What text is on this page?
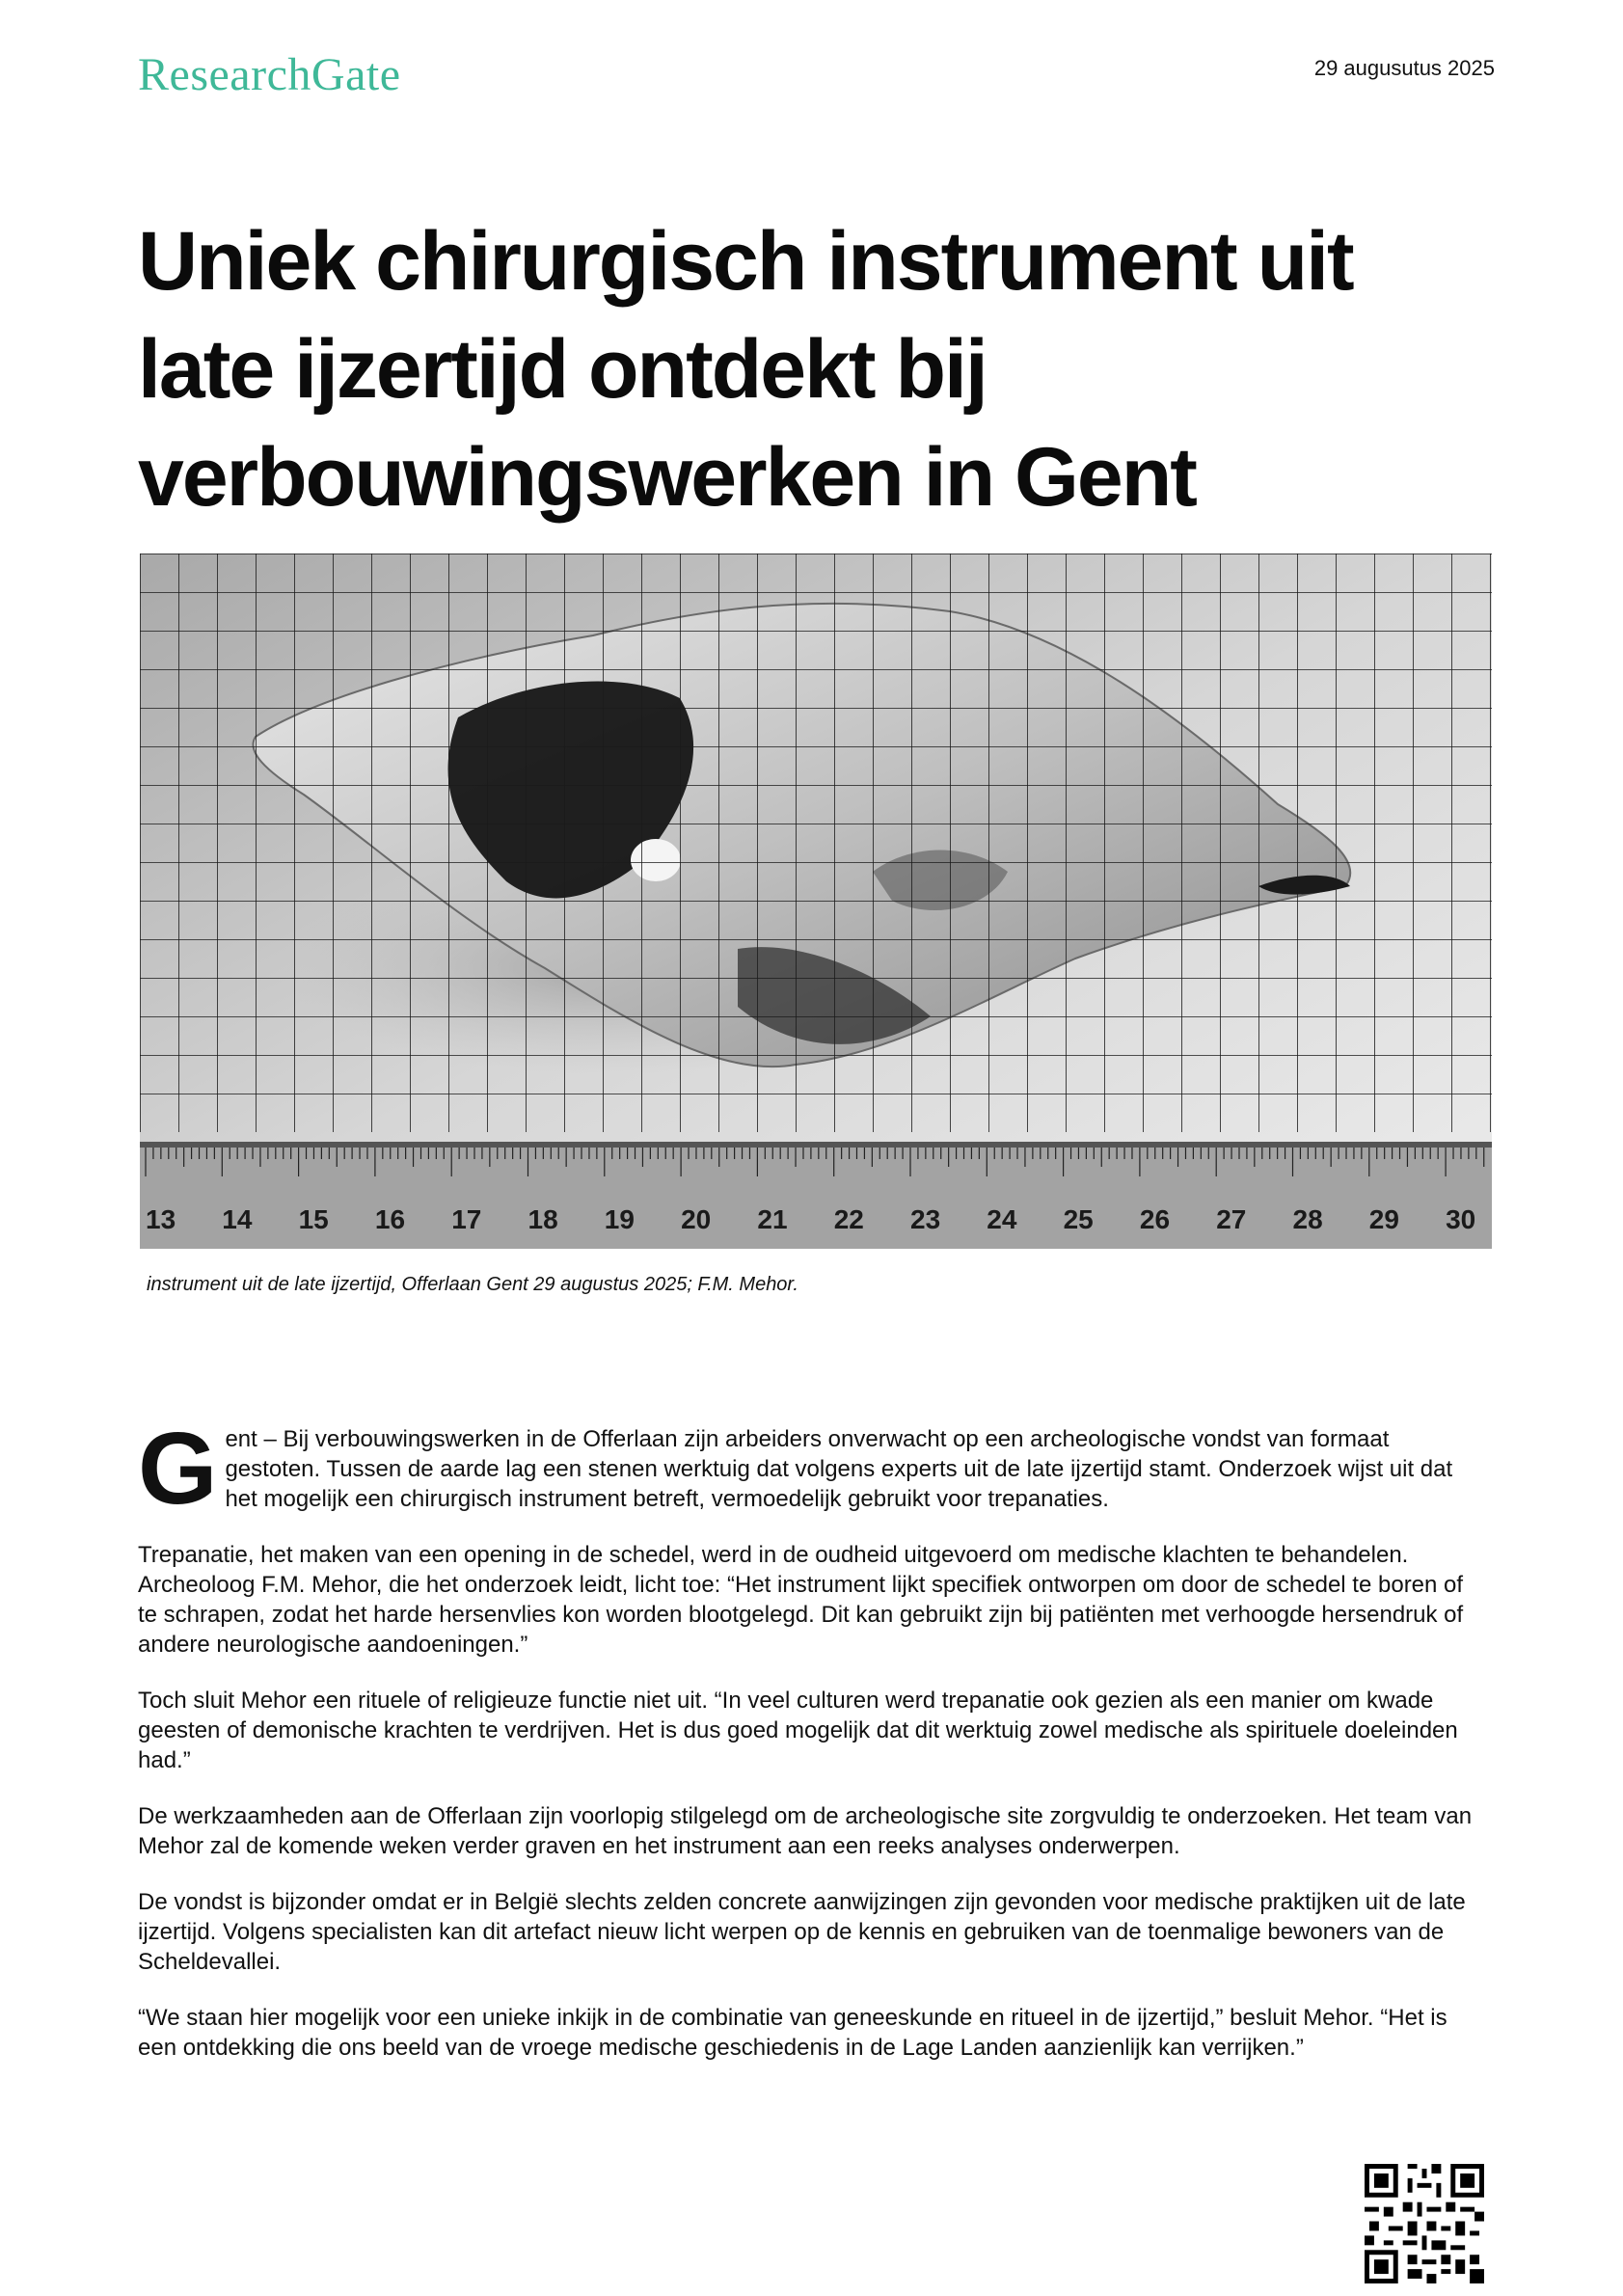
ResearchGate	29 augusutus 2025
Uniek chirurgisch instrument uit late ijzertijd ontdekt bij verbouwingswerken in Gent
13 14 15 16 17 18 19 20 21 22 23 24 25 26 27 28 29 30
instrument uit de late ijzertijd, Offerlaan Gent 29 augustus 2025; F.M. Mehor.

Gent – Bij verbouwingswerken in de Offerlaan zijn arbeiders onverwacht op een archeologische vondst van formaat gestoten. Tussen de aarde lag een stenen werktuig dat volgens experts uit de late ijzertijd stamt. Onderzoek wijst uit dat het mogelijk een chirurgisch instrument betreft, vermoedelijk gebruikt voor trepanaties.

Trepanatie, het maken van een opening in de schedel, werd in de oudheid uitgevoerd om medische klachten te behandelen. Archeoloog F.M. Mehor, die het onderzoek leidt, licht toe: “Het instrument lijkt specifiek ontworpen om door de schedel te boren of te schrapen, zodat het harde hersenvlies kon worden blootgelegd. Dit kan gebruikt zijn bij patiënten met verhoogde hersendruk of andere neurologische aandoeningen.”

Toch sluit Mehor een rituele of religieuze functie niet uit. “In veel culturen werd trepanatie ook gezien als een manier om kwade geesten of demonische krachten te verdrijven. Het is dus goed mogelijk dat dit werktuig zowel medische als spirituele doeleinden had.”

De werkzaamheden aan de Offerlaan zijn voorlopig stilgelegd om de archeologische site zorgvuldig te onderzoeken. Het team van Mehor zal de komende weken verder graven en het instrument aan een reeks analyses onderwerpen.

De vondst is bijzonder omdat er in België slechts zelden concrete aanwijzingen zijn gevonden voor medische praktijken uit de late ijzertijd. Volgens specialisten kan dit artefact nieuw licht werpen op de kennis en gebruiken van de toenmalige bewoners van de Scheldevallei.

“We staan hier mogelijk voor een unieke inkijk in de combinatie van geneeskunde en ritueel in de ijzertijd,” besluit Mehor. “Het is een ontdekking die ons beeld van de vroege medische geschiedenis in de Lage Landen aanzienlijk kan verrijken.”
